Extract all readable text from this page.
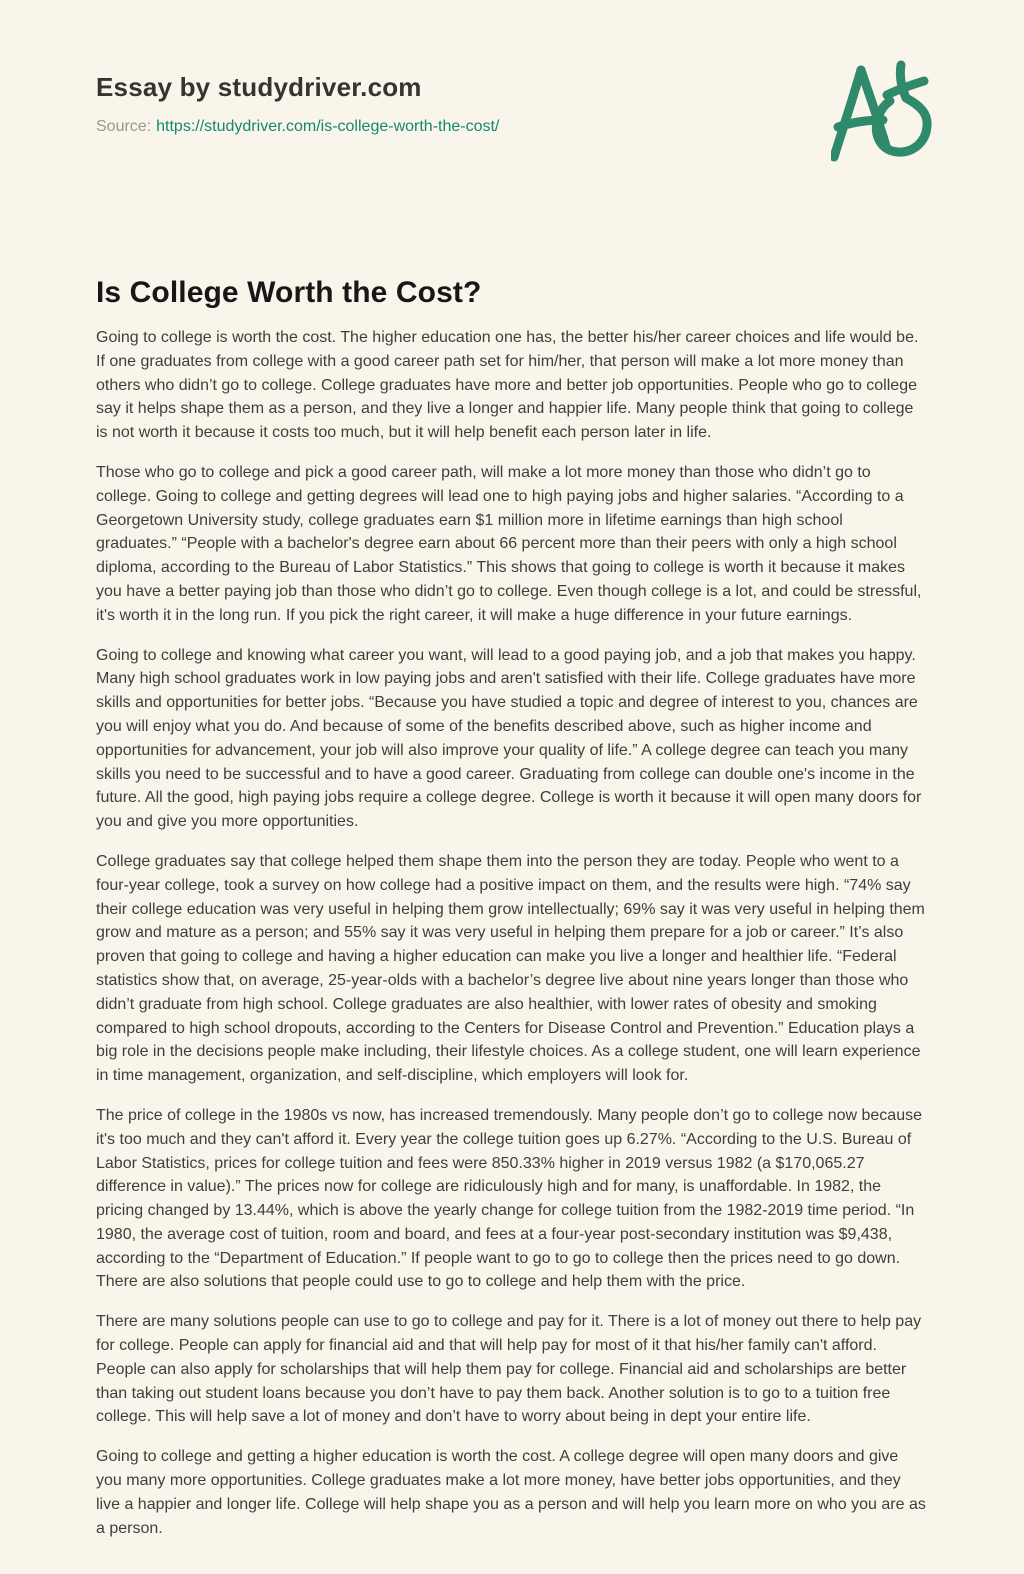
Essay by studydriver.com
Source: https://studydriver.com/is-college-worth-the-cost/
Is College Worth the Cost?

Going to college is worth the cost. The higher education one has, the better his/her career choices and life would be. If one graduates from college with a good career path set for him/her, that person will make a lot more money than others who didn’t go to college. College graduates have more and better job opportunities. People who go to college say it helps shape them as a person, and they live a longer and happier life. Many people think that going to college is not worth it because it costs too much, but it will help benefit each person later in life.

Those who go to college and pick a good career path, will make a lot more money than those who didn’t go to college. Going to college and getting degrees will lead one to high paying jobs and higher salaries. “According to a Georgetown University study, college graduates earn $1 million more in lifetime earnings than high school graduates.” “People with a bachelor's degree earn about 66 percent more than their peers with only a high school diploma, according to the Bureau of Labor Statistics.” This shows that going to college is worth it because it makes you have a better paying job than those who didn’t go to college. Even though college is a lot, and could be stressful, it's worth it in the long run. If you pick the right career, it will make a huge difference in your future earnings.

Going to college and knowing what career you want, will lead to a good paying job, and a job that makes you happy. Many high school graduates work in low paying jobs and aren't satisfied with their life. College graduates have more skills and opportunities for better jobs. “Because you have studied a topic and degree of interest to you, chances are you will enjoy what you do. And because of some of the benefits described above, such as higher income and opportunities for advancement, your job will also improve your quality of life.” A college degree can teach you many skills you need to be successful and to have a good career. Graduating from college can double one's income in the future. All the good, high paying jobs require a college degree. College is worth it because it will open many doors for you and give you more opportunities.

College graduates say that college helped them shape them into the person they are today. People who went to a four-year college, took a survey on how college had a positive impact on them, and the results were high. “74% say their college education was very useful in helping them grow intellectually; 69% say it was very useful in helping them grow and mature as a person; and 55% say it was very useful in helping them prepare for a job or career.” It’s also proven that going to college and having a higher education can make you live a longer and healthier life. “Federal statistics show that, on average, 25-year-olds with a bachelor’s degree live about nine years longer than those who didn’t graduate from high school. College graduates are also healthier, with lower rates of obesity and smoking compared to high school dropouts, according to the Centers for Disease Control and Prevention.” Education plays a big role in the decisions people make including, their lifestyle choices. As a college student, one will learn experience in time management, organization, and self-discipline, which employers will look for.

The price of college in the 1980s vs now, has increased tremendously. Many people don’t go to college now because it's too much and they can't afford it. Every year the college tuition goes up 6.27%. “According to the U.S. Bureau of Labor Statistics, prices for college tuition and fees were 850.33% higher in 2019 versus 1982 (a $170,065.27 difference in value).” The prices now for college are ridiculously high and for many, is unaffordable. In 1982, the pricing changed by 13.44%, which is above the yearly change for college tuition from the 1982-2019 time period. “In 1980, the average cost of tuition, room and board, and fees at a four-year post-secondary institution was $9,438, according to the “Department of Education.” If people want to go to go to college then the prices need to go down. There are also solutions that people could use to go to college and help them with the price.

There are many solutions people can use to go to college and pay for it. There is a lot of money out there to help pay for college. People can apply for financial aid and that will help pay for most of it that his/her family can't afford. People can also apply for scholarships that will help them pay for college. Financial aid and scholarships are better than taking out student loans because you don’t have to pay them back. Another solution is to go to a tuition free college. This will help save a lot of money and don’t have to worry about being in dept your entire life.

Going to college and getting a higher education is worth the cost. A college degree will open many doors and give you many more opportunities. College graduates make a lot more money, have better jobs opportunities, and they live a happier and longer life. College will help shape you as a person and will help you learn more on who you are as a person.
